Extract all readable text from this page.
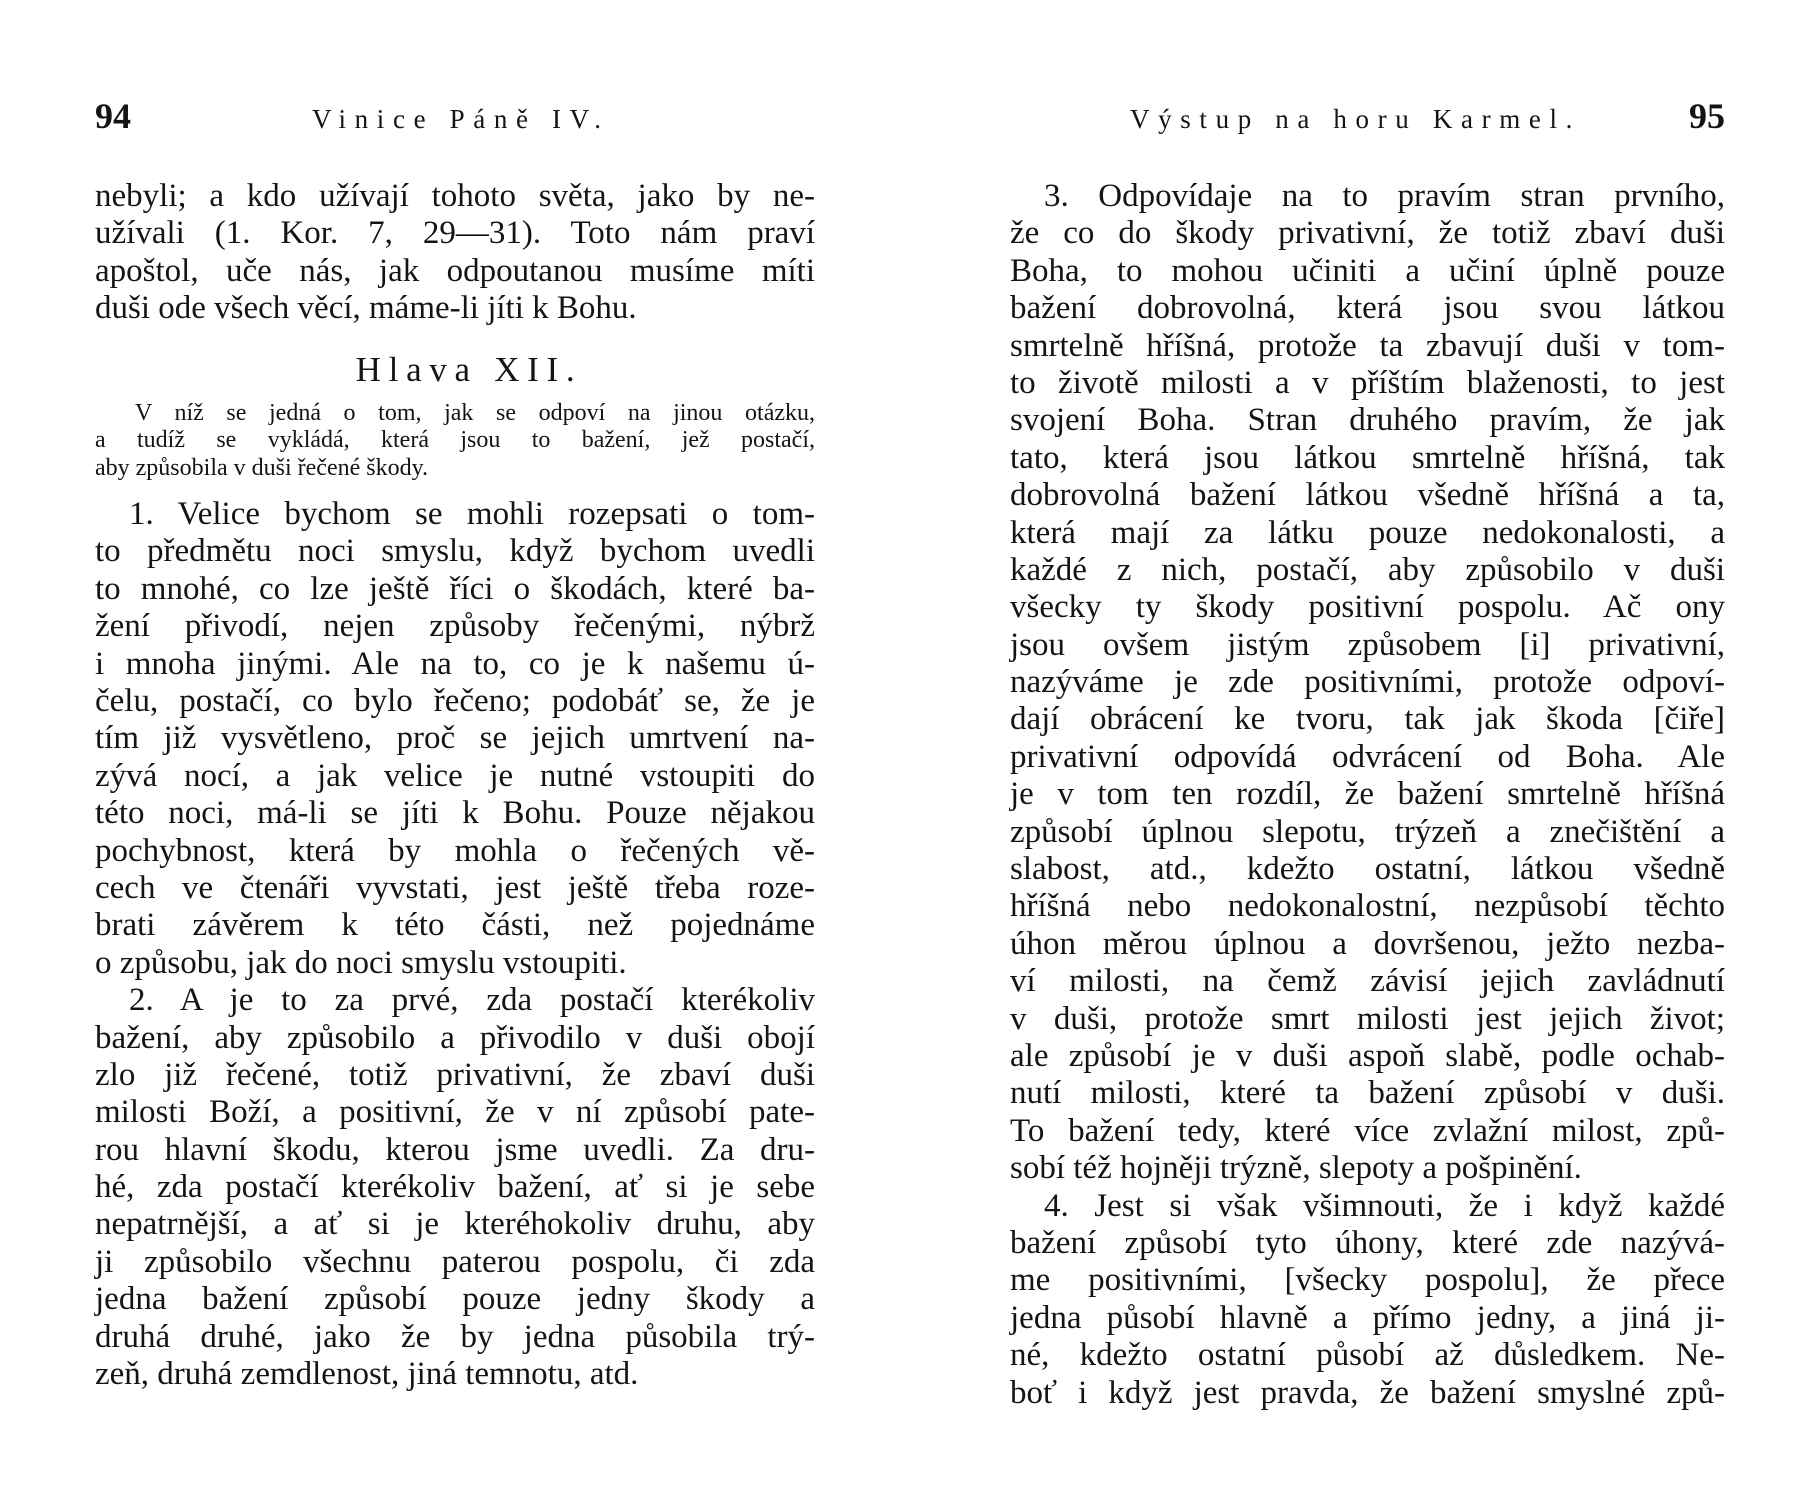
94	Vinice Páně IV.
nebyli; a kdo užívají tohoto světa, jako by ne-
užívali (1. Kor. 7, 29—31). Toto nám praví
apoštol, uče nás, jak odpoutanou musíme míti
duši ode všech věcí, máme-li jíti k Bohu.
Hlava XII.
V níž se jedná o tom, jak se odpoví na jinou otázku,
a tudíž se vykládá, která jsou to bažení, jež postačí,
aby způsobila v duši řečené škody.
1. Velice bychom se mohli rozepsati o tom-
to předmětu noci smyslu, když bychom uvedli
to mnohé, co lze ještě říci o škodách, které ba-
žení přivodí, nejen způsoby řečenými, nýbrž
i mnoha jinými. Ale na to, co je k našemu ú-
čelu, postačí, co bylo řečeno; podobáť se, že je
tím již vysvětleno, proč se jejich umrtvení na-
zývá nocí, a jak velice je nutné vstoupiti do
této noci, má-li se jíti k Bohu. Pouze nějakou
pochybnost, která by mohla o řečených vě-
cech ve čtenáři vyvstati, jest ještě třeba roze-
brati závěrem k této části, než pojednáme
o způsobu, jak do noci smyslu vstoupiti.
2. A je to za prvé, zda postačí kterékoliv
bažení, aby způsobilo a přivodilo v duši obojí
zlo již řečené, totiž privativní, že zbaví duši
milosti Boží, a positivní, že v ní způsobí pate-
rou hlavní škodu, kterou jsme uvedli. Za dru-
hé, zda postačí kterékoliv bažení, ať si je sebe
nepatrnější, a ať si je kteréhokoliv druhu, aby
ji způsobilo všechnu paterou pospolu, či zda
jedna bažení způsobí pouze jedny škody a
druhá druhé, jako že by jedna působila trý-
zeň, druhá zemdlenost, jiná temnotu, atd.
Výstup na horu Karmel.	95
3. Odpovídaje na to pravím stran prvního,
že co do škody privativní, že totiž zbaví duši
Boha, to mohou učiniti a učiní úplně pouze
bažení dobrovolná, která jsou svou látkou
smrtelně hříšná, protože ta zbavují duši v tom-
to životě milosti a v příštím blaženosti, to jest
svojení Boha. Stran druhého pravím, že jak
tato, která jsou látkou smrtelně hříšná, tak
dobrovolná bažení látkou všedně hříšná a ta,
která mají za látku pouze nedokonalosti, a
každé z nich, postačí, aby způsobilo v duši
všecky ty škody positivní pospolu. Ač ony
jsou ovšem jistým způsobem [i] privativní,
nazýváme je zde positivními, protože odpoví-
dají obrácení ke tvoru, tak jak škoda [čiře]
privativní odpovídá odvrácení od Boha. Ale
je v tom ten rozdíl, že bažení smrtelně hříšná
způsobí úplnou slepotu, trýzeň a znečištění a
slabost, atd., kdežto ostatní, látkou všedně
hříšná nebo nedokonalostní, nezpůsobí těchto
úhon měrou úplnou a dovršenou, ježto nezba-
ví milosti, na čemž závisí jejich zavládnutí
v duši, protože smrt milosti jest jejich život;
ale způsobí je v duši aspoň slabě, podle ochab-
nutí milosti, které ta bažení způsobí v duši.
To bažení tedy, které více zvlažní milost, způ-
sobí též hojněji trýzně, slepoty a pošpinění.
4. Jest si však všimnouti, že i když každé
bažení způsobí tyto úhony, které zde nazývá-
me positivními, [všecky pospolu], že přece
jedna působí hlavně a přímo jedny, a jiná ji-
né, kdežto ostatní působí až důsledkem. Ne-
boť i když jest pravda, že bažení smyslné způ-
